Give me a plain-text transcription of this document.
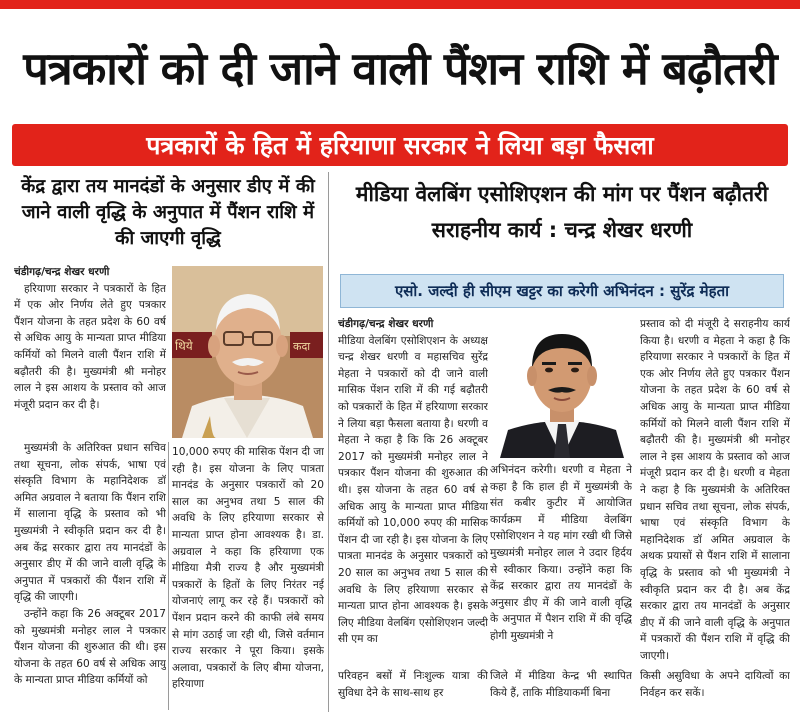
पत्रकारों को दी जाने वाली पैंशन राशि में बढ़ौतरी
पत्रकारों के हित में हरियाणा सरकार ने लिया बड़ा फैसला
केंद्र द्वारा तय मानदंडों के अनुसार डीए में की जाने वाली वृद्धि के अनुपात में पैंशन राशि में की जाएगी वृद्धि
चंडीगढ़/चन्द्र शेखर धरणी

हरियाणा सरकार ने पत्रकारों के हित में एक ओर निर्णय लेते हुए पत्रकार पैंशन योजना के तहत प्रदेश के 60 वर्ष से अधिक आयु के मान्यता प्राप्त मीडिया कर्मियों को मिलने वाली पैंशन राशि में बढ़ौतरी की है। मुख्यमंत्री श्री मनोहर लाल ने इस आशय के प्रस्ताव को आज मंजूरी प्रदान कर दी है।

मुख्यमंत्री के अतिरिक्त प्रधान सचिव तथा सूचना, लोक संपर्क, भाषा एवं संस्कृति विभाग के महानिदेशक डॉ अमित अग्रवाल ने बताया कि पैंशन राशि में सालाना वृद्धि के प्रस्ताव को भी मुख्यमंत्री ने स्वीकृति प्रदान कर दी है। अब केंद्र सरकार द्वारा तय मानदंडों के अनुसार डीए में की जाने वाली वृद्धि के अनुपात में पत्रकारों की पैंशन राशि में वृद्धि की जाएगी।

उन्होंने कहा कि 26 अक्टूबर 2017 को मुख्यमंत्री मनोहर लाल ने पत्रकार पैंशन योजना की शुरुआत की थी। इस योजना के तहत 60 वर्ष से अधिक आयु के मान्यता प्राप्त मीडिया कर्मियों को

10,000 रुपए की मासिक पेंशन दी जा रही है। इस योजना के लिए पात्रता मानदंड के अनुसार पत्रकारों को 20 साल का अनुभव तथा 5 साल की अवधि के लिए हरियाणा सरकार से मान्यता प्राप्त होना आवश्यक है। डा. अग्रवाल ने कहा कि हरियाणा एक मीडिया मैत्री राज्य है और मुख्यमंत्री पत्रकारों के हितों के लिए निरंतर नई योजनाएं लागू कर रहे हैं। पत्रकारों को पेंशन प्रदान करने की काफी लंबे समय से मांग उठाई जा रही थी, जिसे वर्तमान राज्य सरकार ने पूरा किया। इसके अलावा, पत्रकारों के लिए बीमा योजना, हरियाणा

थिये	कदा
मीडिया वेलबिंग एसोशिएशन की मांग पर पैंशन बढ़ौतरी सराहनीय कार्य : चन्द्र शेखर धरणी
एसो. जल्दी ही सीएम खट्टर का करेगी अभिनंदन : सुरेंद्र मेहता
चंडीगढ़/चन्द्र शेखर धरणी

मीडिया वेलबिंग एसोशिएशन के अध्यक्ष चन्द्र शेखर धरणी व महासचिव सुरेंद्र मेहता ने पत्रकारों को दी जाने वाली मासिक पेंशन राशि में की गई बढ़ौतरी को पत्रकारों के हित में हरियाणा सरकार ने लिया बड़ा फैसला बताया है। धरणी व मेहता ने कहा है कि कि 26 अक्टूबर 2017 को मुख्यमंत्री मनोहर लाल ने पत्रकार पैंशन योजना की शुरुआत की थी। इस योजना के तहत 60 वर्ष से अधिक आयु के मान्यता प्राप्त मीडिया कर्मियों को 10,000 रुपए की मासिक पेंशन दी जा रही है। इस योजना के लिए पात्रता मानदंड के अनुसार पत्रकारों को 20 साल का अनुभव तथा 5 साल की अवधि के लिए हरियाणा सरकार से मान्यता प्राप्त होना आवश्यक है। इसके लिए मीडिया वेलबिंग एसोशिएशन जल्दी सी एम का

अभिनंदन करेगी। धरणी व मेहता ने कहा है कि हाल ही में मुख्यमंत्री के संत कबीर कुटीर में आयोजित कार्यक्रम में मीडिया वेलबिंग एसोशिएशन ने यह मांग रखी थी जिसे मुख्यमंत्री मनोहर लाल ने उदार हिर्दय से स्वीकार किया। उन्होंने कहा कि केंद्र सरकार द्वारा तय मानदंडों के अनुसार डीए में की जाने वाली वृद्धि के अनुपात में पैशन राशि में की वृद्धि होगी मुख्यमंत्री ने

प्रस्ताव को दी मंजूरी दे सराहनीय कार्य किया है। धरणी व मेहता ने कहा है कि हरियाणा सरकार ने पत्रकारों के हित में एक ओर निर्णय लेते हुए पत्रकार पैंशन योजना के तहत प्रदेश के 60 वर्ष से अधिक आयु के मान्यता प्राप्त मीडिया कर्मियों को मिलने वाली पैंशन राशि में बढ़ौतरी की है। मुख्यमंत्री श्री मनोहर लाल ने इस आशय के प्रस्ताव को आज मंजूरी प्रदान कर दी है। धरणी व मेहता ने कहा है कि मुख्यमंत्री के अतिरिक्त प्रधान सचिव तथा सूचना, लोक संपर्क, भाषा एवं संस्कृति विभाग के महानिदेशक डॉ अमित अग्रवाल के अथक प्रयासों से पैंशन राशि में सालाना वृद्धि के प्रस्ताव को भी मुख्यमंत्री ने स्वीकृति प्रदान कर दी है। अब केंद्र सरकार द्वारा तय मानदंडों के अनुसार डीए में की जाने वाली वृद्धि के अनुपात में पत्रकारों की पैंशन राशि में वृद्धि की जाएगी।

परिवहन बसों में निःशुल्क यात्रा की सुविधा देने के साथ-साथ हर
जिले में मीडिया केन्द्र भी स्थापित किये हैं, ताकि मीडियाकर्मी बिना
किसी असुविधा के अपने दायित्वों का निर्वहन कर सकें।
